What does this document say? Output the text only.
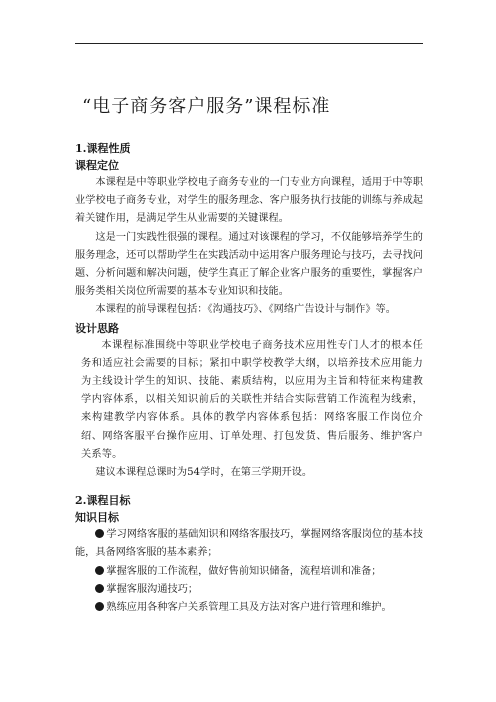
“电子商务客户服务”课程标准

1.课程性质

课程定位

本课程是中等职业学校电子商务专业的一门专业方向课程，适用于中等职业学校电子商务专业，对学生的服务理念、客户服务执行技能的训练与养成起着关键作用，是满足学生从业需要的关键课程。

这是一门实践性很强的课程。通过对该课程的学习，不仅能够培养学生的服务理念，还可以帮助学生在实践活动中运用客户服务理论与技巧，去寻找问题、分析问题和解决问题，使学生真正了解企业客户服务的重要性，掌握客户服务类相关岗位所需要的基本专业知识和技能。

本课程的前导课程包括：《沟通技巧》、《网络广告设计与制作》等。

设计思路

本课程标准围绕中等职业学校电子商务技术应用性专门人才的根本任务和适应社会需要的目标；紧扣中职学校教学大纲，以培养技术应用能力为主线设计学生的知识、技能、素质结构，以应用为主旨和特征来构建教学内容体系，以相关知识前后的关联性并结合实际营销工作流程为线索，来构建教学内容体系。具体的教学内容体系包括：网络客服工作岗位介绍、网络客服平台操作应用、订单处理、打包发货、售后服务、维护客户关系等。

建议本课程总课时为54学时，在第三学期开设。

2.课程目标

知识目标

学习网络客服的基础知识和网络客服技巧，掌握网络客服岗位的基本技能，具备网络客服的基本素养；

掌握客服的工作流程，做好售前知识储备，流程培训和准备；

掌握客服沟通技巧；

熟练应用各种客户关系管理工具及方法对客户进行管理和维护。
